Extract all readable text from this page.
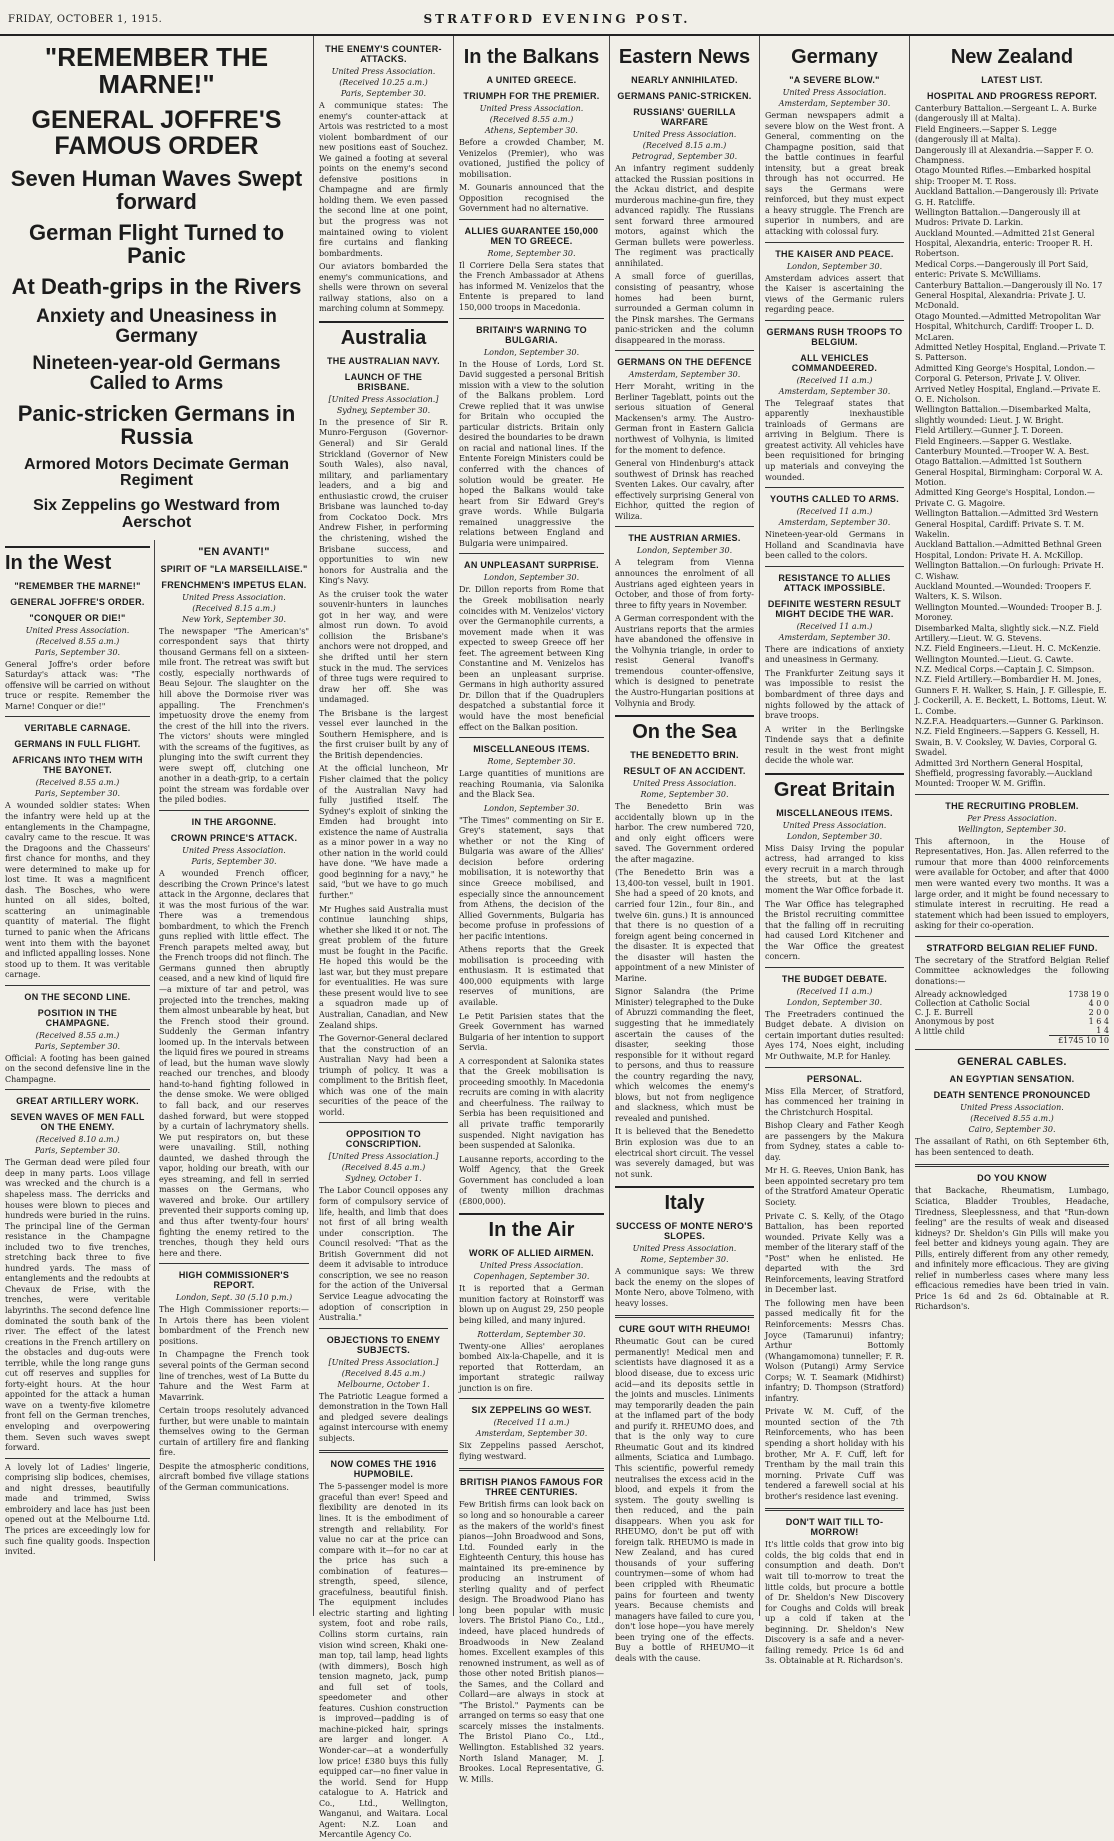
FRIDAY, OCTOBER 1, 1915.	STRATFORD EVENING POST.
"REMEMBER THE MARNE!"
GENERAL JOFFRE'S FAMOUS ORDER
Seven Human Waves Swept forward
German Flight Turned to Panic
At Death-grips in the Rivers
Anxiety and Uneasiness in Germany
Nineteen-year-old Germans Called to Arms
Panic-stricken Germans in Russia
Armored Motors Decimate German Regiment
Six Zeppelins go Westward from Aerschot
In the West
"REMEMBER THE MARNE!"
GENERAL JOFFRE'S ORDER.
"CONQUER OR DIE!"
United Press Association.
(Received 8.55 a.m.)
Paris, September 30.

General Joffre's order before Saturday's attack was: "The offensive will be carried on without truce or respite. Remember the Marne! Conquer or die!"

VERITABLE CARNAGE.
GERMANS IN FULL FLIGHT.
AFRICANS INTO THEM WITH THE BAYONET.
(Received 8.55 a.m.)
Paris, September 30.

A wounded soldier states: When the infantry were held up at the entanglements in the Champagne, cavalry came to the rescue. It was the Dragoons and the Chasseurs' first chance for months, and they were determined to make up for lost time. It was a magnificent dash. The Bosches, who were hunted on all sides, bolted, scattering an unimaginable quantity of material. The flight turned to panic when the Africans went into them with the bayonet and inflicted appalling losses. None stood up to them. It was veritable carnage.

ON THE SECOND LINE.
POSITION IN THE CHAMPAGNE.
(Received 8.55 a.m.)
Paris, September 30.

Official: A footing has been gained on the second defensive line in the Champagne.

GREAT ARTILLERY WORK.
SEVEN WAVES OF MEN FALL ON THE ENEMY.
(Received 8.10 a.m.)
Paris, September 30.

The German dead were piled four deep in many parts. Loos village was wrecked and the church is a shapeless mass. The derricks and houses were blown to pieces and hundreds were buried in the ruins. The principal line of the German resistance in the Champagne included two to five trenches, stretching back three to five hundred yards. The mass of entanglements and the redoubts at Chevaux de Frise, with the trenches, were veritable labyrinths. The second defence line dominated the south bank of the river. The effect of the latest creations in the French artillery on the obstacles and dug-outs were terrible, while the long range guns cut off reserves and supplies for forty-eight hours. At the hour appointed for the attack a human wave on a twenty-five kilometre front fell on the German trenches, enveloping and overpowering them. Seven such waves swept forward.

A lovely lot of Ladies' lingerie, comprising slip bodices, chemises, and night dresses, beautifully made and trimmed, Swiss embroidery and lace has just been opened out at the Melbourne Ltd. The prices are exceedingly low for such fine quality goods. Inspection invited.

"EN AVANT!"
SPIRIT OF "LA MARSEILLAISE."
FRENCHMEN'S IMPETUS ELAN.
United Press Association.
(Received 8.15 a.m.)
New York, September 30.

The newspaper "The American's" correspondent says that thirty thousand Germans fell on a sixteen-mile front. The retreat was swift but costly, especially northwards of Beau Sejour. The slaughter on the hill above the Dormoise river was appalling. The Frenchmen's impetuosity drove the enemy from the crest of the hill into the rivers. The victors' shouts were mingled with the screams of the fugitives, as plunging into the swift current they were swept off, clutching one another in a death-grip, to a certain point the stream was fordable over the piled bodies.

IN THE ARGONNE.
CROWN PRINCE'S ATTACK.
United Press Association.
Paris, September 30.

A wounded French officer, describing the Crown Prince's latest attack in the Argonne, declares that it was the most furious of the war. There was a tremendous bombardment, to which the French guns replied with little effect. The French parapets melted away, but the French troops did not flinch. The Germans gunned then abruptly ceased, and a new kind of liquid fire—a mixture of tar and petrol, was projected into the trenches, making them almost unbearable by heat, but the French stood their ground. Suddenly the German infantry loomed up. In the intervals between the liquid fires we poured in streams of lead, but the human wave slowly reached our trenches, and bloody hand-to-hand fighting followed in the dense smoke. We were obliged to fall back, and our reserves dashed forward, but were stopped by a curtain of lachrymatory shells. We put respirators on, but these were unavailing. Still, nothing daunted, we dashed through the vapor, holding our breath, with our eyes streaming, and fell in serried masses on the Germans, who wavered and broke. Our artillery prevented their supports coming up, and thus after twenty-four hours' fighting the enemy retired to the trenches, though they held ours here and there.

HIGH COMMISSIONER'S REPORT.
London, Sept. 30 (5.10 p.m.)

The High Commissioner reports:— In Artois there has been violent bombardment of the French new positions.

In Champagne the French took several points of the German second line of trenches, west of La Butte du Tahure and the West Farm at Mavarrink.

Certain troops resolutely advanced further, but were unable to maintain themselves owing to the German curtain of artillery fire and flanking fire.

Despite the atmospheric conditions, aircraft bombed five village stations of the German communications.

THE ENEMY'S COUNTER-ATTACKS.
United Press Association.
(Received 10.25 a.m.)
Paris, September 30.

A communique states: The enemy's counter-attack at Artois was restricted to a most violent bombardment of our new positions east of Souchez. We gained a footing at several points on the enemy's second defensive positions in Champagne and are firmly holding them. We even passed the second line at one point, but the progress was not maintained owing to violent fire curtains and flanking bombardments.

Our aviators bombarded the enemy's communications, and shells were thrown on several railway stations, also on a marching column at Sommepy.

Australia
THE AUSTRALIAN NAVY.
LAUNCH OF THE BRISBANE.
[United Press Association.]
Sydney, September 30.

In the presence of Sir R. Munro-Ferguson (Governor-General) and Sir Gerald Strickland (Governor of New South Wales), also naval, military, and parliamentary leaders, and a big and enthusiastic crowd, the cruiser Brisbane was launched to-day from Cockatoo Dock. Mrs Andrew Fisher, in performing the christening, wished the Brisbane success, and opportunities to win new honors for Australia and the King's Navy.

As the cruiser took the water souvenir-hunters in launches got in her way, and were almost run down. To avoid collision the Brisbane's anchors were not dropped, and she drifted until her stern stuck in the mud. The services of three tugs were required to draw her off. She was undamaged.

The Brisbane is the largest vessel ever launched in the Southern Hemisphere, and is the first cruiser built by any of the British dependencies.

At the official luncheon, Mr Fisher claimed that the policy of the Australian Navy had fully justified itself. The Sydney's exploit of sinking the Emden had brought into existence the name of Australia as a minor power in a way no other nation in the world could have done. "We have made a good beginning for a navy," he said, "but we have to go much further."

Mr Hughes said Australia must continue launching ships, whether she liked it or not. The great problem of the future must be fought in the Pacific. He hoped this would be the last war, but they must prepare for eventualities. He was sure these present would live to see a squadron made up of Australian, Canadian, and New Zealand ships.

The Governor-General declared that the construction of an Australian Navy had been a triumph of policy. It was a compliment to the British fleet, which was one of the main securities of the peace of the world.

OPPOSITION TO CONSCRIPTION.
[United Press Association.]
(Received 8.45 a.m.)
Sydney, October 1.

The Labor Council opposes any form of compulsory service of life, health, and limb that does not first of all bring wealth under conscription. The Council resolved: "That as the British Government did not deem it advisable to introduce conscription, we see no reason for the action of the Universal Service League advocating the adoption of conscription in Australia."

OBJECTIONS TO ENEMY SUBJECTS.
[United Press Association.]
(Received 8.45 a.m.)
Melbourne, October 1.

The Patriotic League formed a demonstration in the Town Hall and pledged severe dealings against intercourse with enemy subjects.

NOW COMES THE 1916 HUPMOBILE.

The 5-passenger model is more graceful than ever! Speed and flexibility are denoted in its lines. It is the embodiment of strength and reliability. For value no car at the price can compare with it—for no car at the price has such a combination of features—strength, speed, silence, gracefulness, beautiful finish. The equipment includes electric starting and lighting system, foot and robe rails, Collins storm curtains, rain vision wind screen, Khaki one-man top, tail lamp, head lights (with dimmers), Bosch high tension magneto, jack, pump and full set of tools, speedometer and other features. Cushion construction is improved—padding is of machine-picked hair, springs are larger and longer. A Wonder-car—at a wonderfully low price! £380 buys this fully equipped car—no finer value in the world. Send for Hupp catalogue to A. Hatrick and Co., Ltd., Wellington, Wanganui, and Waitara. Local Agent: N.Z. Loan and Mercantile Agency Co.

In the Balkans
A UNITED GREECE.
TRIUMPH FOR THE PREMIER.
United Press Association.
(Received 8.55 a.m.)
Athens, September 30.

Before a crowded Chamber, M. Venizelos (Premier), who was ovationed, justified the policy of mobilisation.

M. Gounaris announced that the Opposition recognised the Government had no alternative.

ALLIES GUARANTEE 150,000 MEN TO GREECE.
Rome, September 30.

Il Corriere Della Sera states that the French Ambassador at Athens has informed M. Venizelos that the Entente is prepared to land 150,000 troops in Macedonia.

BRITAIN'S WARNING TO BULGARIA.
London, September 30.

In the House of Lords, Lord St. David suggested a personal British mission with a view to the solution of the Balkans problem. Lord Crewe replied that it was unwise for Britain who occupied the particular districts. Britain only desired the boundaries to be drawn on racial and national lines. If the Entente Foreign Ministers could be conferred with the chances of solution would be greater. He hoped the Balkans would take heart from Sir Edward Grey's grave words. While Bulgaria remained unaggressive the relations between England and Bulgaria were unimpaired.

AN UNPLEASANT SURPRISE.
London, September 30.

Dr. Dillon reports from Rome that the Greek mobilisation nearly coincides with M. Venizelos' victory over the Germanophile currents, a movement made when it was expected to sweep Greece off her feet. The agreement between King Constantine and M. Venizelos has been an unpleasant surprise. Germans in high authority assured Dr. Dillon that if the Quadruplers despatched a substantial force it would have the most beneficial effect on the Balkan position.

MISCELLANEOUS ITEMS.
Rome, September 30.

Large quantities of munitions are reaching Roumania, via Salonika and the Black Sea.

London, September 30.

"The Times" commenting on Sir E. Grey's statement, says that whether or not the King of Bulgaria was aware of the Allies' decision before ordering mobilisation, it is noteworthy that since Greece mobilised, and especially since the announcement from Athens, the decision of the Allied Governments, Bulgaria has become profuse in professions of her pacific intentions.

Athens reports that the Greek mobilisation is proceeding with enthusiasm. It is estimated that 400,000 equipments with large reserves of munitions, are available.

Le Petit Parisien states that the Greek Government has warned Bulgaria of her intention to support Servia.

A correspondent at Salonika states that the Greek mobilisation is proceeding smoothly. In Macedonia recruits are coming in with alacrity and cheerfulness. The railway to Serbia has been requisitioned and all private traffic temporarily suspended. Night navigation has been suspended at Salonika.

Lausanne reports, according to the Wolff Agency, that the Greek Government has concluded a loan of twenty million drachmas (£800,000).

In the Air
WORK OF ALLIED AIRMEN.
United Press Association.
Copenhagen, September 30.

It is reported that a German munition factory at Roinstorff was blown up on August 29, 250 people being killed, and many injured.

Rotterdam, September 30.

Twenty-one Allies' aeroplanes bombed Aix-la-Chapelle, and it is reported that Rotterdam, an important strategic railway junction is on fire.

SIX ZEPPELINS GO WEST.
(Received 11 a.m.)
Amsterdam, September 30.

Six Zeppelins passed Aerschot, flying westward.

BRITISH PIANOS FAMOUS FOR THREE CENTURIES.

Few British firms can look back on so long and so honourable a career as the makers of the world's finest pianos—John Broadwood and Sons, Ltd. Founded early in the Eighteenth Century, this house has maintained its pre-eminence by producing an instrument of sterling quality and of perfect design. The Broadwood Piano has long been popular with music lovers. The Bristol Piano Co., Ltd., indeed, have placed hundreds of Broadwoods in New Zealand homes. Excellent examples of this renowned instrument, as well as of those other noted British pianos—the Sames, and the Collard and Collard—are always in stock at "The Bristol." Payments can be arranged on terms so easy that one scarcely misses the instalments. The Bristol Piano Co., Ltd., Wellington. Established 32 years. North Island Manager, M. J. Brookes. Local Representative, G. W. Mills.

Eastern News
NEARLY ANNIHILATED.
GERMANS PANIC-STRICKEN.
RUSSIANS' GUERILLA WARFARE
United Press Association.
(Received 8.15 a.m.)
Petrograd, September 30.

An infantry regiment suddenly attacked the Russian positions in the Ackau district, and despite murderous machine-gun fire, they advanced rapidly. The Russians sent forward three armoured motors, against which the German bullets were powerless. The regiment was practically annihilated.

A small force of guerillas, consisting of peasantry, whose homes had been burnt, surrounded a German column in the Pinsk marshes. The Germans panic-stricken and the column disappeared in the morass.

GERMANS ON THE DEFENCE
Amsterdam, September 30.

Herr Moraht, writing in the Berliner Tageblatt, points out the serious situation of General Mackensen's army. The Austro-German front in Eastern Galicia northwest of Volhynia, is limited for the moment to defence.

General von Hindenburg's attack southwest of Drinsk has reached Sventen Lakes. Our cavalry, after effectively surprising General von Eichhor, quitted the region of Wiliza.

THE AUSTRIAN ARMIES.
London, September 30.

A telegram from Vienna announces the enrolment of all Austrians aged eighteen years in October, and those of from forty-three to fifty years in November.

A German correspondent with the Austrians reports that the armies have abandoned the offensive in the Volhynia triangle, in order to resist General Ivanoff's tremendous counter-offensive, which is designed to penetrate the Austro-Hungarian positions at Volhynia and Brody.

On the Sea
THE BENEDETTO BRIN.
RESULT OF AN ACCIDENT.
United Press Association.
Rome, September 30.

The Benedetto Brin was accidentally blown up in the harbor. The crew numbered 720, and only eight officers were saved. The Government ordered the after magazine.

(The Benedetto Brin was a 13,400-ton vessel, built in 1901. She had a speed of 20 knots, and carried four 12in., four 8in., and twelve 6in. guns.) It is announced that there is no question of a foreign agent being concerned in the disaster. It is expected that the disaster will hasten the appointment of a new Minister of Marine.

Signor Salandra (the Prime Minister) telegraphed to the Duke of Abruzzi commanding the fleet, suggesting that he immediately ascertain the causes of the disaster, seeking those responsible for it without regard to persons, and thus to reassure the country regarding the navy, which welcomes the enemy's blows, but not from negligence and slackness, which must be revealed and punished.

It is believed that the Benedetto Brin explosion was due to an electrical short circuit. The vessel was severely damaged, but was not sunk.

Italy
SUCCESS OF MONTE NERO'S SLOPES.
United Press Association.
Rome, September 30.

A communique says: We threw back the enemy on the slopes of Monte Nero, above Tolmeno, with heavy losses.

CURE GOUT WITH RHEUMO!

Rheumatic Gout can be cured permanently! Medical men and scientists have diagnosed it as a blood disease, due to excess uric acid—and its deposits settle in the joints and muscles. Liniments may temporarily deaden the pain at the inflamed part of the body and purify it. RHEUMO does, and that is the only way to cure Rheumatic Gout and its kindred ailments, Sciatica and Lumbago. This scientific, powerful remedy neutralises the excess acid in the blood, and expels it from the system. The gouty swelling is then reduced, and the pain disappears. When you ask for RHEUMO, don't be put off with foreign talk. RHEUMO is made in New Zealand, and has cured thousands of your suffering countrymen—some of whom had been crippled with Rheumatic pains for fourteen and twenty years. Because chemists and managers have failed to cure you, don't lose hope—you have merely been trying one of the effects. Buy a bottle of RHEUMO—it deals with the cause.

Germany
"A SEVERE BLOW."
United Press Association.
Amsterdam, September 30.

German newspapers admit a severe blow on the West front. A General, commenting on the Champagne position, said that the battle continues in fearful intensity, but a great break through has not occurred. He says the Germans were reinforced, but they must expect a heavy struggle. The French are superior in numbers, and are attacking with colossal fury.

THE KAISER AND PEACE.
London, September 30.

Amsterdam advices assert that the Kaiser is ascertaining the views of the Germanic rulers regarding peace.

GERMANS RUSH TROOPS TO BELGIUM.
ALL VEHICLES COMMANDEERED.
(Received 11 a.m.)
Amsterdam, September 30.

The Telegraaf states that apparently inexhaustible trainloads of Germans are arriving in Belgium. There is greatest activity. All vehicles have been requisitioned for bringing up materials and conveying the wounded.

YOUTHS CALLED TO ARMS.
(Received 11 a.m.)
Amsterdam, September 30.

Nineteen-year-old Germans in Holland and Scandinavia have been called to the colors.

RESISTANCE TO ALLIES ATTACK IMPOSSIBLE.
DEFINITE WESTERN RESULT MIGHT DECIDE THE WAR.
(Received 11 a.m.)
Amsterdam, September 30.

There are indications of anxiety and uneasiness in Germany.

The Frankfurter Zeitung says it was impossible to resist the bombardment of three days and nights followed by the attack of brave troops.

A writer in the Berlingske Tindende says that a definite result in the west front might decide the whole war.

Great Britain
MISCELLANEOUS ITEMS.
United Press Association.
London, September 30.

Miss Daisy Irving the popular actress, had arranged to kiss every recruit in a march through the streets, but at the last moment the War Office forbade it.

The War Office has telegraphed the Bristol recruiting committee that the falling off in recruiting had caused Lord Kitchener and the War Office the greatest concern.

THE BUDGET DEBATE.
(Received 11 a.m.)
London, September 30.

The Freetraders continued the Budget debate. A division on certain important duties resulted: Ayes 174, Noes eight, including Mr Outhwaite, M.P. for Hanley.

PERSONAL.

Miss Ella Mercer, of Stratford, has commenced her training in the Christchurch Hospital.

Bishop Cleary and Father Keogh are passengers by the Makura from Sydney, states a cable to-day.

Mr H. G. Reeves, Union Bank, has been appointed secretary pro tem of the Stratford Amateur Operatic Society.

Private C. S. Kelly, of the Otago Battalion, has been reported wounded. Private Kelly was a member of the literary staff of the "Post" when he enlisted. He departed with the 3rd Reinforcements, leaving Stratford in December last.

The following men have been passed medically fit for the Reinforcements: Messrs Chas. Joyce (Tamarunui) infantry; Arthur Bottomly (Whangamomona) tunneller; F. R. Wolson (Putangi) Army Service Corps; W. T. Seamark (Midhirst) infantry; D. Thompson (Stratford) infantry.

Private W. M. Cuff, of the mounted section of the 7th Reinforcements, who has been spending a short holiday with his brother, Mr A. F. Cuff, left for Trentham by the mail train this morning. Private Cuff was tendered a farewell social at his brother's residence last evening.

DON'T WAIT TILL TO-MORROW!

It's little colds that grow into big colds, the big colds that end in consumption and death. Don't wait till to-morrow to treat the little colds, but procure a bottle of Dr. Sheldon's New Discovery for Coughs and Colds will break up a cold if taken at the beginning. Dr. Sheldon's New Discovery is a safe and a never-failing remedy. Price 1s 6d and 3s. Obtainable at R. Richardson's.

New Zealand
LATEST LIST.
HOSPITAL AND PROGRESS REPORT.
Canterbury Battalion.—Sergeant L. A. Burke (dangerously ill at Malta).
Field Engineers.—Sapper S. Legge (dangerously ill at Malta).
Dangerously ill at Alexandria.—Sapper F. O. Champness.
Otago Mounted Rifles.—Embarked hospital ship: Trooper M. T. Ross.
Auckland Battalion.—Dangerously ill: Private G. H. Ratcliffe.
Wellington Battalion.—Dangerously ill at Mudros: Private D. Larkin.
Auckland Mounted.—Admitted 21st General Hospital, Alexandria, enteric: Trooper R. H. Robertson.
Medical Corps.—Dangerously ill Port Said, enteric: Private S. McWilliams.
Canterbury Battalion.—Dangerously ill No. 17 General Hospital, Alexandria: Private J. U. McDonald.
Otago Mounted.—Admitted Metropolitan War Hospital, Whitchurch, Cardiff: Trooper L. D. McLaren.
Admitted Netley Hospital, England.—Private T. S. Patterson.
Admitted King George's Hospital, London.—Corporal G. Peterson, Private J. V. Oliver.
Arrived Netley Hospital, England.—Private E. O. E. Nicholson.
Wellington Battalion.—Disembarked Malta, slightly wounded: Lieut. J. W. Bright.
Field Artillery.—Gunner J. T. Doreen.
Field Engineers.—Sapper G. Westlake.
Canterbury Mounted.—Trooper W. A. Best.
Otago Battalion.—Admitted 1st Southern General Hospital, Birmingham: Corporal W. A. Motion.
Admitted King George's Hospital, London.—Private C. G. Magoire.
Wellington Battalion.—Admitted 3rd Western General Hospital, Cardiff: Private S. T. M. Wakelin.
Auckland Battalion.—Admitted Bethnal Green Hospital, London: Private H. A. McKillop.
Wellington Battalion.—On furlough: Private H. C. Wishaw.
Auckland Mounted.—Wounded: Troopers F. Walters, K. S. Wilson.
Wellington Mounted.—Wounded: Trooper B. J. Moroney.
Disembarked Malta, slightly sick.—N.Z. Field Artillery.—Lieut. W. G. Stevens.
N.Z. Field Engineers.—Lieut. H. C. McKenzie.
Wellington Mounted.—Lieut. G. Cawte.
N.Z. Medical Corps.—Captain J. C. Simpson.
N.Z. Field Artillery.—Bombardier H. M. Jones, Gunners F. H. Walker, S. Hain, J. F. Gillespie, E. J. Cockerill, A. E. Beckett, L. Bottoms, Lieut. W. L. Combe.
N.Z.F.A. Headquarters.—Gunner G. Parkinson.
N.Z. Field Engineers.—Sappers G. Kessell, H. Swain, B. V. Cooksley, W. Davies, Corporal G. Swadel.
Admitted 3rd Northern General Hospital, Sheffield, progressing favorably.—Auckland Mounted: Trooper W. M. Griffin.
THE RECRUITING PROBLEM.
Per Press Association.
Wellington, September 30.

This afternoon, in the House of Representatives, Hon. Jas. Allen referred to the rumour that more than 4000 reinforcements were available for October, and after that 4000 men were wanted every two months. It was a large order, and it might be found necessary to stimulate interest in recruiting. He read a statement which had been issued to employers, asking for their co-operation.

STRATFORD BELGIAN RELIEF FUND.

The secretary of the Stratford Belgian Relief Committee acknowledges the following donations:—

Already acknowledged	1738 19 0
Collection at Catholic Social	4 0 0
C. J. E. Burrell	2 0 0
Anonymous by post	1 6 4
A little child	1 4
	£1745 10 10
GENERAL CABLES.
AN EGYPTIAN SENSATION.
DEATH SENTENCE PRONOUNCED
United Press Association.
(Received 8.55 a.m.)
Cairo, September 30.

The assailant of Rathi, on 6th September 6th, has been sentenced to death.

DO YOU KNOW

that Backache, Rheumatism, Lumbago, Sciatica, Bladder Troubles, Headache, Tiredness, Sleeplessness, and that "Run-down feeling" are the results of weak and diseased kidneys? Dr. Sheldon's Gin Pills will make you feel better and kidneys young again. They are Pills, entirely different from any other remedy, and infinitely more efficacious. They are giving relief in numberless cases where many less efficacious remedies have been tried in vain. Price 1s 6d and 2s 6d. Obtainable at R. Richardson's.
